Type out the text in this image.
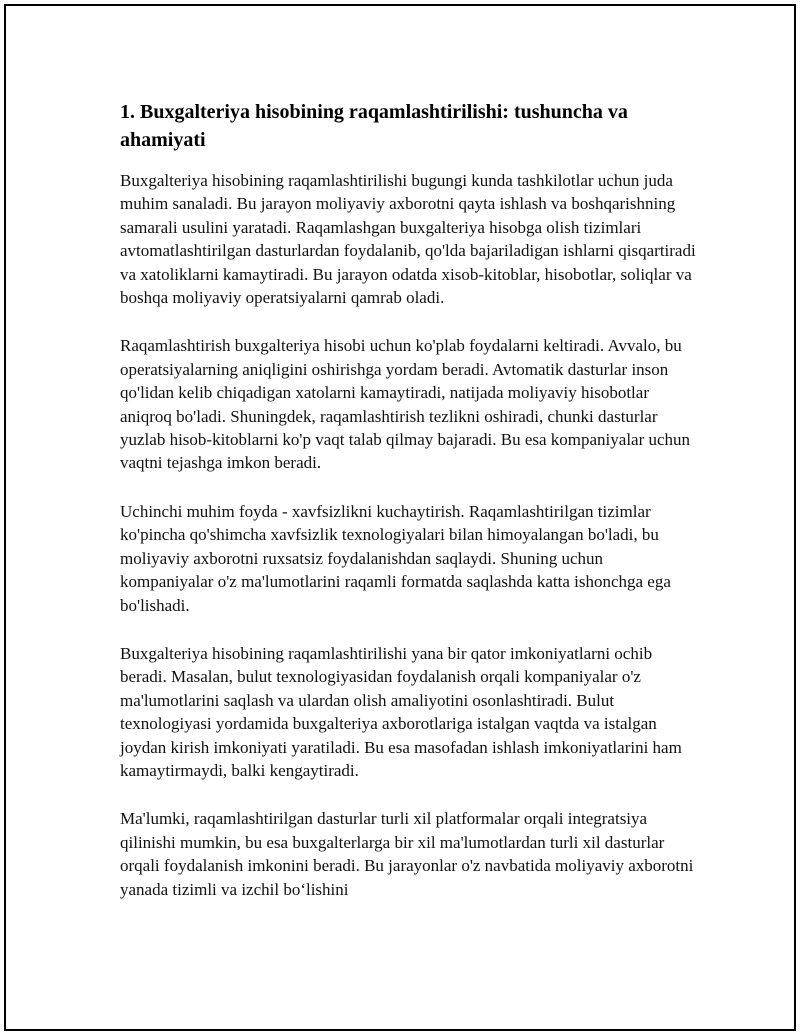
1. Buxgalteriya hisobining raqamlashtirilishi: tushuncha va ahamiyati

Buxgalteriya hisobining raqamlashtirilishi bugungi kunda tashkilotlar uchun juda muhim sanaladi. Bu jarayon moliyaviy axborotni qayta ishlash va boshqarishning samarali usulini yaratadi. Raqamlashgan buxgalteriya hisobga olish tizimlari avtomatlashtirilgan dasturlardan foydalanib, qo'lda bajariladigan ishlarni qisqartiradi va xatoliklarni kamaytiradi. Bu jarayon odatda xisob-kitoblar, hisobotlar, soliqlar va boshqa moliyaviy operatsiyalarni qamrab oladi.

Raqamlashtirish buxgalteriya hisobi uchun ko'plab foydalarni keltiradi. Avvalo, bu operatsiyalarning aniqligini oshirishga yordam beradi. Avtomatik dasturlar inson qo'lidan kelib chiqadigan xatolarni kamaytiradi, natijada moliyaviy hisobotlar aniqroq bo'ladi. Shuningdek, raqamlashtirish tezlikni oshiradi, chunki dasturlar yuzlab hisob-kitoblarni ko'p vaqt talab qilmay bajaradi. Bu esa kompaniyalar uchun vaqtni tejashga imkon beradi.

Uchinchi muhim foyda - xavfsizlikni kuchaytirish. Raqamlashtirilgan tizimlar ko'pincha qo'shimcha xavfsizlik texnologiyalari bilan himoyalangan bo'ladi, bu moliyaviy axborotni ruxsatsiz foydalanishdan saqlaydi. Shuning uchun kompaniyalar o'z ma'lumotlarini raqamli formatda saqlashda katta ishonchga ega bo'lishadi.

Buxgalteriya hisobining raqamlashtirilishi yana bir qator imkoniyatlarni ochib beradi. Masalan, bulut texnologiyasidan foydalanish orqali kompaniyalar o'z ma'lumotlarini saqlash va ulardan olish amaliyotini osonlashtiradi. Bulut texnologiyasi yordamida buxgalteriya axborotlariga istalgan vaqtda va istalgan joydan kirish imkoniyati yaratiladi. Bu esa masofadan ishlash imkoniyatlarini ham kamaytirmaydi, balki kengaytiradi.

Ma'lumki, raqamlashtirilgan dasturlar turli xil platformalar orqali integratsiya qilinishi mumkin, bu esa buxgalterlarga bir xil ma'lumotlardan turli xil dasturlar orqali foydalanish imkonini beradi. Bu jarayonlar o'z navbatida moliyaviy axborotni yanada tizimli va izchil bo‘lishini
